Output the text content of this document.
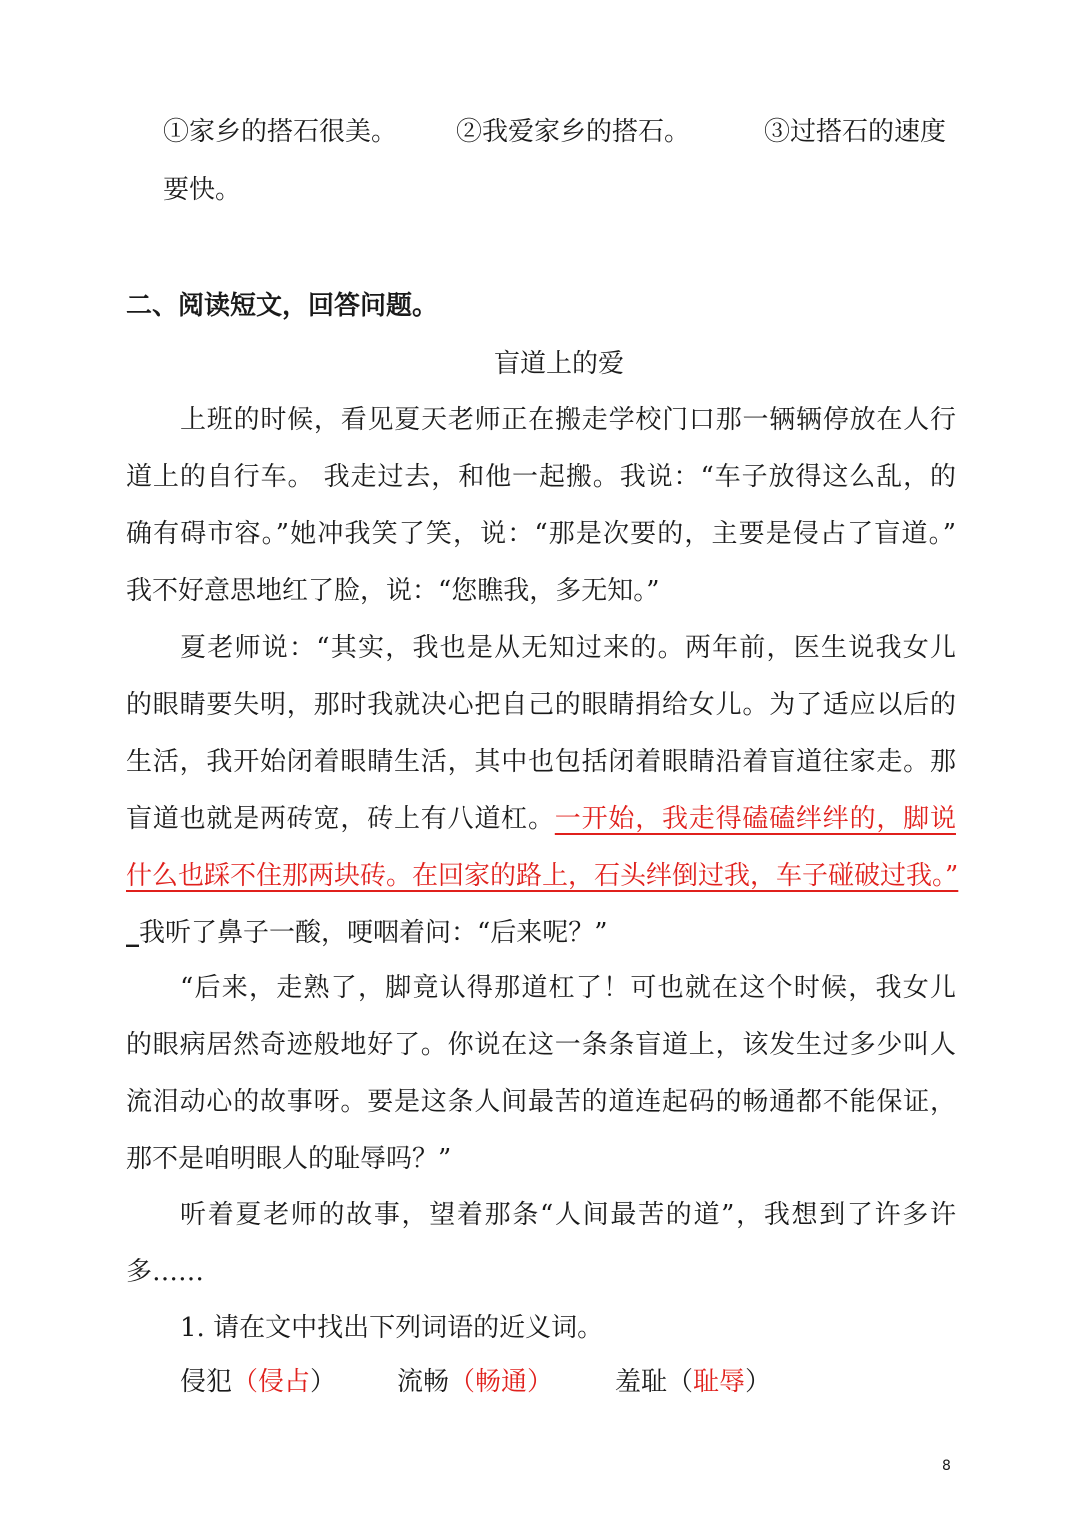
①家乡的搭石很美。 ②我爱家乡的搭石。	③过搭石的速度
要快。
二、阅读短文，回答问题。
盲道上的爱
上班的时候，看见夏天老师正在搬走学校门口那一辆辆停放在人行
道上的自行车。 我走过去，和他一起搬。我说：“车子放得这么乱，的
确有碍市容。”她冲我笑了笑，说：“那是次要的，主要是侵占了盲道。”
我不好意思地红了脸，说：“您瞧我，多无知。”
夏老师说：“其实，我也是从无知过来的。两年前，医生说我女儿
的眼睛要失明，那时我就决心把自己的眼睛捐给女儿。为了适应以后的
生活，我开始闭着眼睛生活，其中也包括闭着眼睛沿着盲道往家走。那
盲道也就是两砖宽，砖上有八道杠。一开始，我走得磕磕绊绊的，脚说
什么也踩不住那两块砖。在回家的路上，石头绊倒过我，车子碰破过我。”
_我听了鼻子一酸，哽咽着问：“后来呢？”
“后来，走熟了，脚竟认得那道杠了！可也就在这个时候，我女儿
的眼病居然奇迹般地好了。你说在这一条条盲道上，该发生过多少叫人
流泪动心的故事呀。要是这条人间最苦的道连起码的畅通都不能保证，
那不是咱明眼人的耻辱吗？”
听着夏老师的故事，望着那条“人间最苦的道”，我想到了许多许
多……
1. 请在文中找出下列词语的近义词。
侵犯（侵占） 流畅（畅通） 羞耻（耻辱）
8
